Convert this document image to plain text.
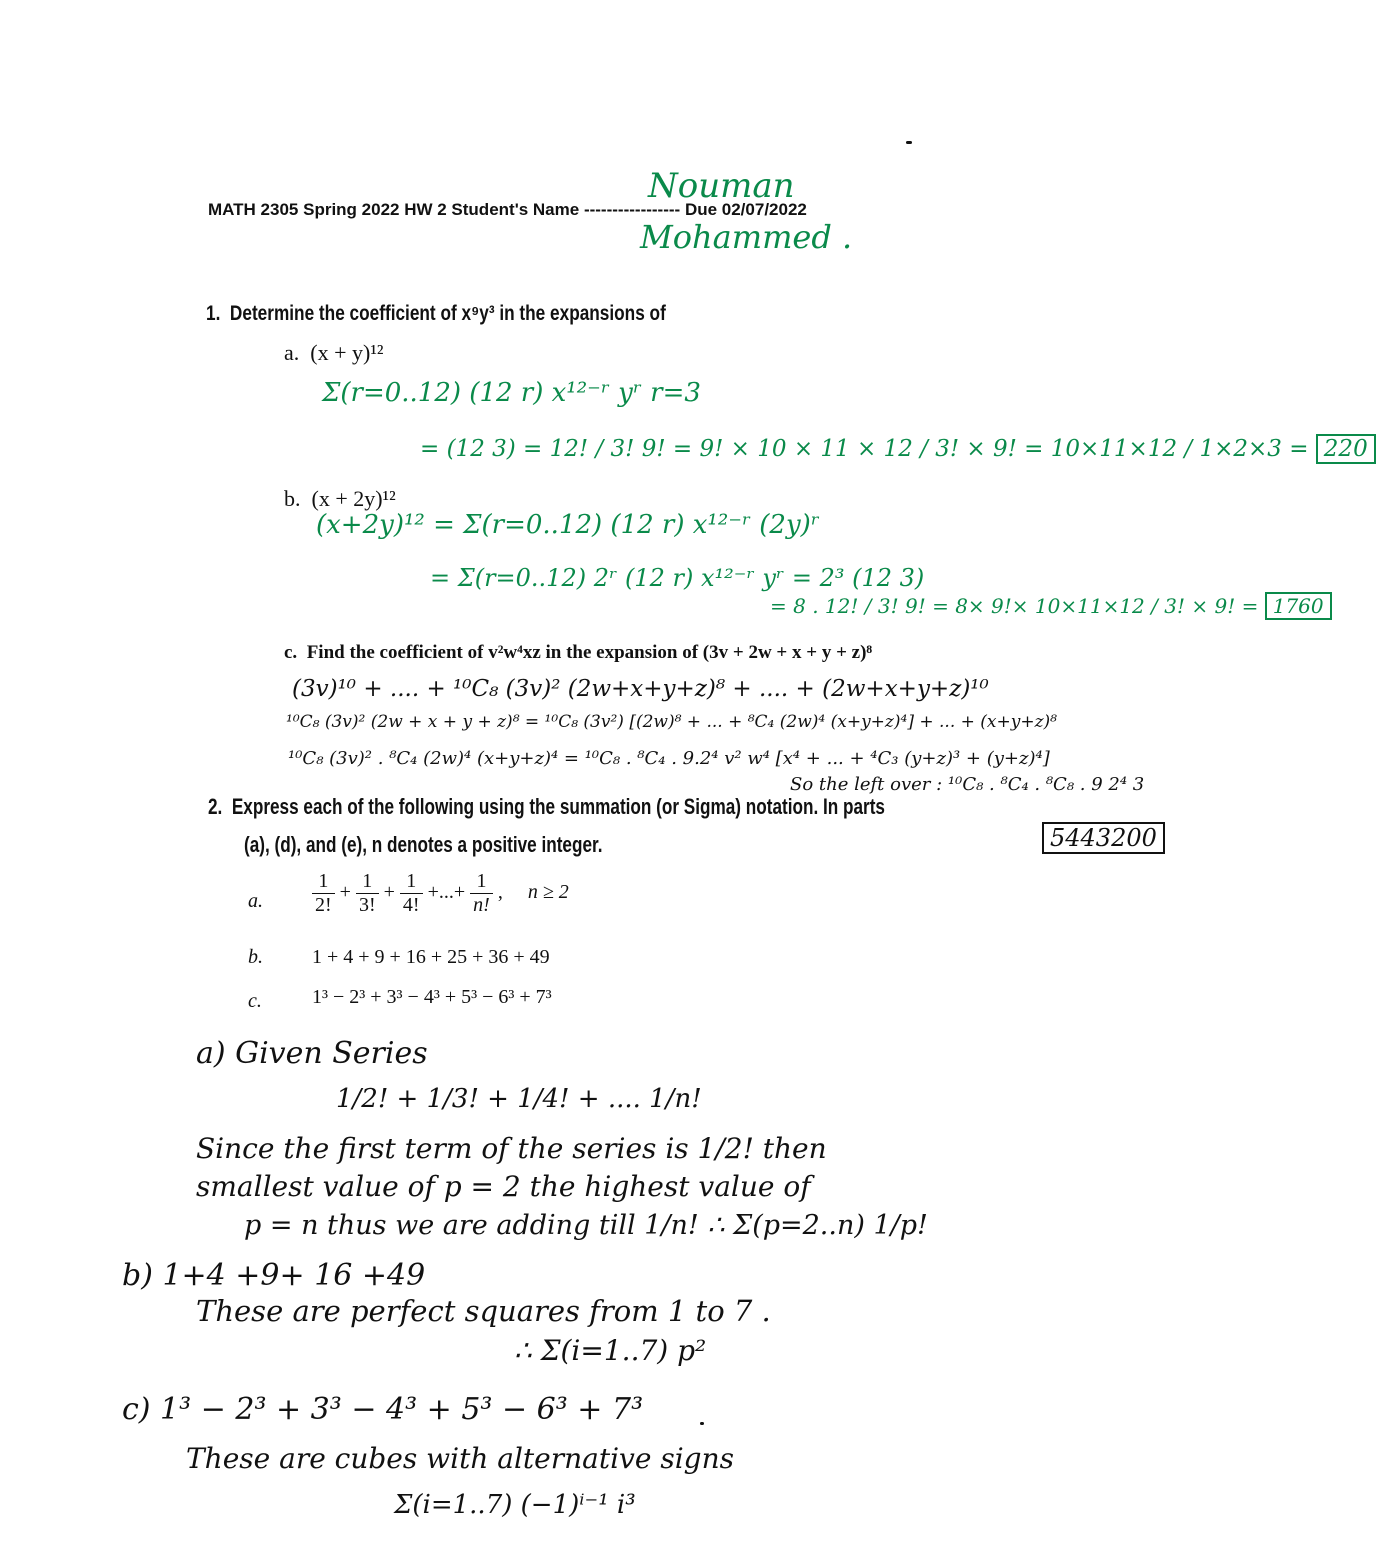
MATH 2305 Spring 2022 HW 2 Student's Name ----------------- Due 02/07/2022
Nouman
Mohammed .
1. Determine the coefficient of x⁹y³ in the expansions of
a. (x + y)¹²
Σ(r=0..12) (12 r) x¹²⁻ʳ yʳ r=3
= (12 3) = 12! / 3! 9! = 9! × 10 × 11 × 12 / 3! × 9! = 10×11×12 / 1×2×3 = 220
b. (x + 2y)¹²
(x+2y)¹² = Σ(r=0..12) (12 r) x¹²⁻ʳ (2y)ʳ
= Σ(r=0..12) 2ʳ (12 r) x¹²⁻ʳ yʳ = 2³ (12 3)
= 8 . 12! / 3! 9! = 8× 9!× 10×11×12 / 3! × 9! = 1760
c. Find the coefficient of v²w⁴xz in the expansion of (3v + 2w + x + y + z)⁸
(3v)¹⁰ + .... + ¹⁰C₈ (3v)² (2w+x+y+z)⁸ + .... + (2w+x+y+z)¹⁰
¹⁰C₈ (3v)² (2w + x + y + z)⁸ = ¹⁰C₈ (3v²) [(2w)⁸ + ... + ⁸C₄ (2w)⁴ (x+y+z)⁴] + ... + (x+y+z)⁸
¹⁰C₈ (3v)² . ⁸C₄ (2w)⁴ (x+y+z)⁴ = ¹⁰C₈ . ⁸C₄ . 9.2⁴ v² w⁴ [x⁴ + ... + ⁴C₃ (y+z)³ + (y+z)⁴]
So the left over : ¹⁰C₈ . ⁸C₄ . ⁸C₈ . 9 2⁴ 3
5443200
2. Express each of the following using the summation (or Sigma) notation. In parts
(a), (d), and (e), n denotes a positive integer.
a. $\frac{1}{2!} + \frac{1}{3!} + \frac{1}{4!}$ +...+ $\frac{1}{n!}$ , n ≥ 2
b. 1 + 4 + 9 + 16 + 25 + 36 + 49
c.	1³ − 2³ + 3³ − 4³ + 5³ − 6³ + 7³
a) Given Series
1/2! + 1/3! + 1/4! + .... 1/n!
Since the first term of the series is 1/2! then
smallest value of p = 2 the highest value of
p = n thus we are adding till 1/n! ∴ Σ(p=2..n) 1/p!
b) 1+4 +9+ 16 +49
These are perfect squares from 1 to 7 .
∴ Σ(i=1..7) p²
c) 1³ − 2³ + 3³ − 4³ + 5³ − 6³ + 7³
These are cubes with alternative signs
Σ(i=1..7) (−1)ⁱ⁻¹ i³
